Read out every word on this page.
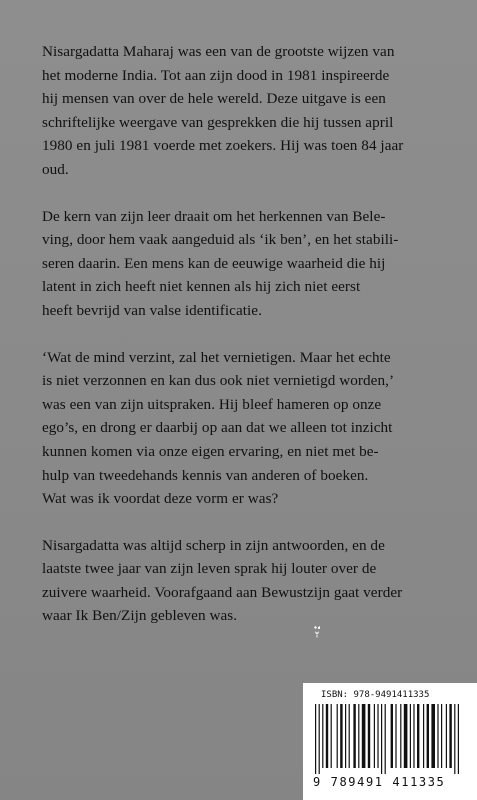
Nisargadatta Maharaj was een van de grootste wijzen van
het moderne India. Tot aan zijn dood in 1981 inspireerde
hij mensen van over de hele wereld. Deze uitgave is een
schriftelijke weergave van gesprekken die hij tussen april
1980 en juli 1981 voerde met zoekers. Hij was toen 84 jaar
oud.

De kern van zijn leer draait om het herkennen van Bele-
ving, door hem vaak aangeduid als ‘ik ben’, en het stabili-
seren daarin. Een mens kan de eeuwige waarheid die hij
latent in zich heeft niet kennen als hij zich niet eerst
heeft bevrijd van valse identificatie.

‘Wat de mind verzint, zal het vernietigen. Maar het echte
is niet verzonnen en kan dus ook niet vernietigd worden,’
was een van zijn uitspraken. Hij bleef hameren op onze
ego’s, en drong er daarbij op aan dat we alleen tot inzicht
kunnen komen via onze eigen ervaring, en niet met be-
hulp van tweedehands kennis van anderen of boeken.
Wat was ik voordat deze vorm er was?

Nisargadatta was altijd scherp in zijn antwoorden, en de
laatste twee jaar van zijn leven sprak hij louter over de
zuivere waarheid. Voorafgaand aan Bewustzijn gaat verder
waar Ik Ben/Zijn gebleven was.

ISBN: 978-9491411335
9 789491 411335
